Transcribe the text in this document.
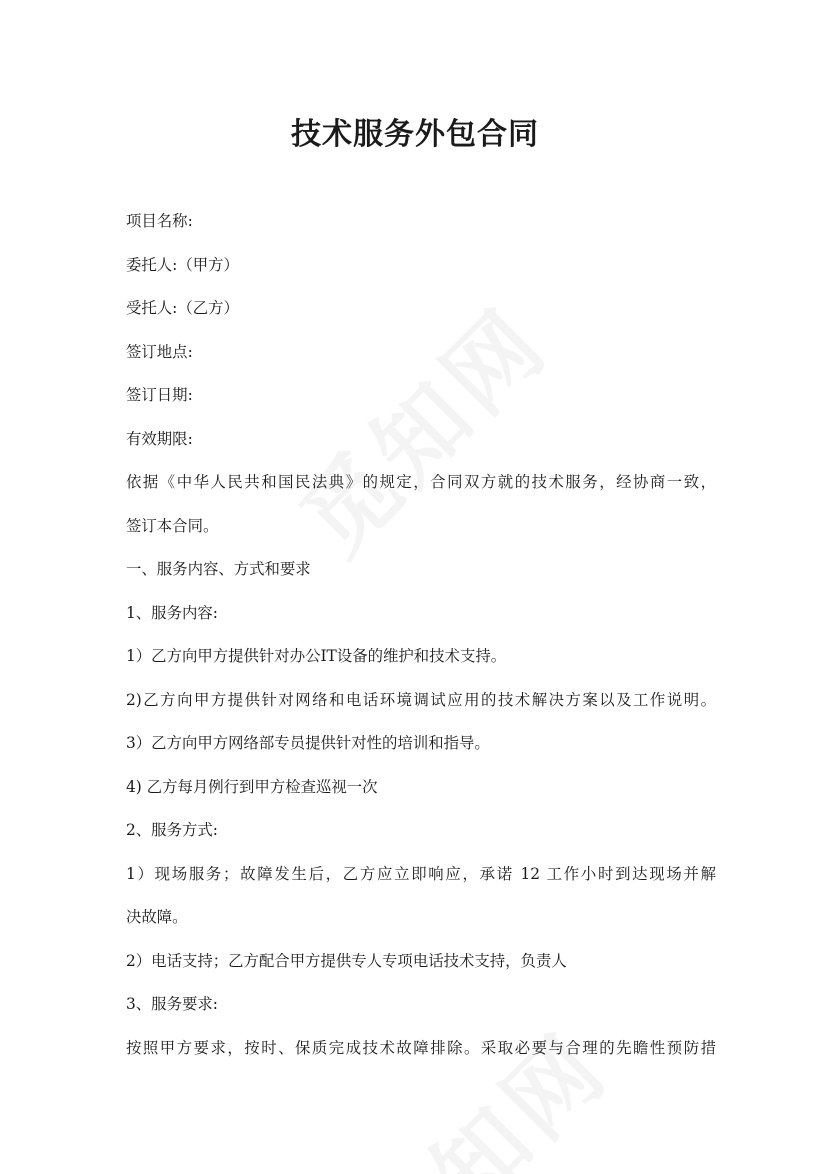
技术服务外包合同
项目名称:
委托人:（甲方）
受托人:（乙方）
签订地点:
签订日期:
有效期限:
依据《中华人民共和国民法典》的规定，合同双方就的技术服务，经协商一致，
签订本合同。
一、服务内容、方式和要求
1、服务内容:
1）乙方向甲方提供针对办公IT设备的维护和技术支持。
2)乙方向甲方提供针对网络和电话环境调试应用的技术解决方案以及工作说明。
3）乙方向甲方网络部专员提供针对性的培训和指导。
4) 乙方每月例行到甲方检查巡视一次
2、服务方式:
1）现场服务；故障发生后，乙方应立即响应，承诺 12 工作小时到达现场并解
决故障。
2）电话支持；乙方配合甲方提供专人专项电话技术支持，负责人
3、服务要求:
按照甲方要求，按时、保质完成技术故障排除。采取必要与合理的先瞻性预防措
